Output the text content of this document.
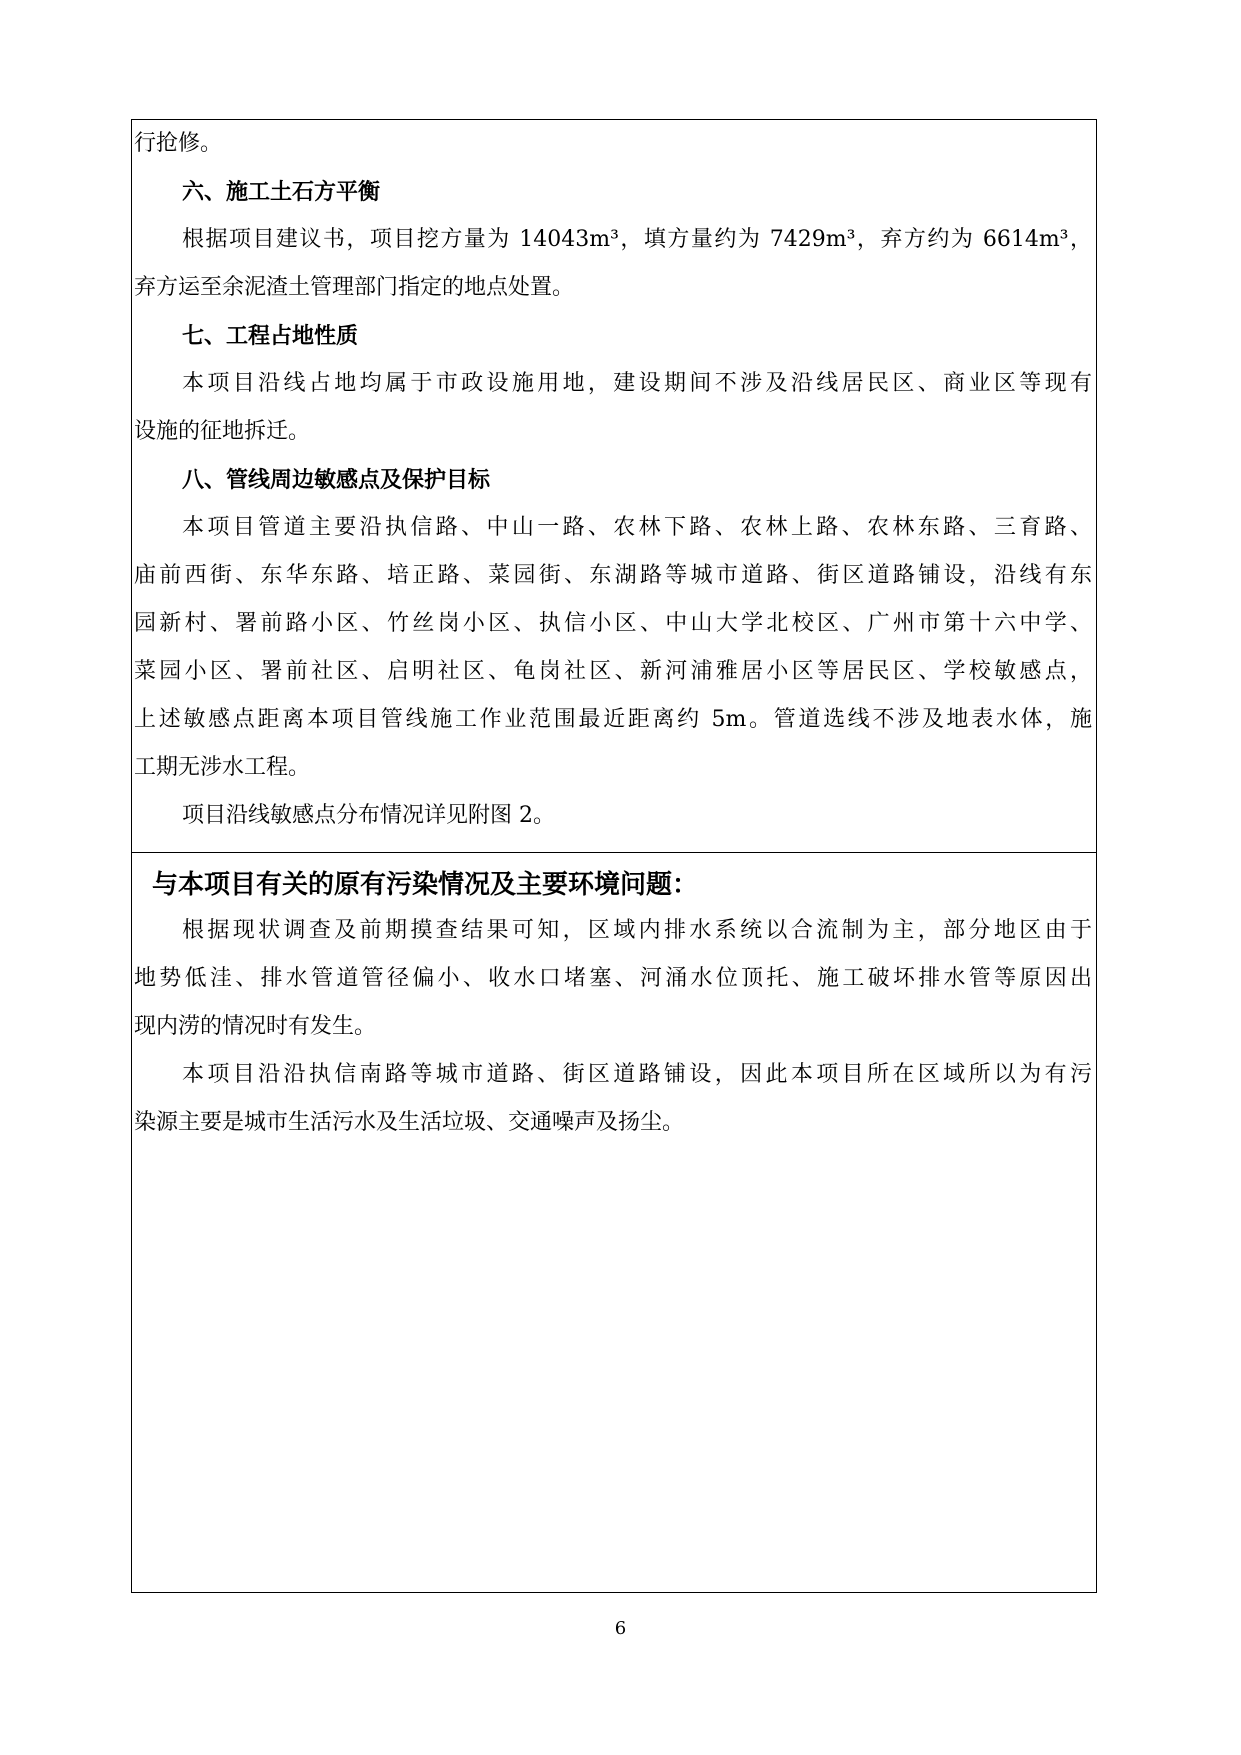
行抢修。
六、施工土石方平衡
根据项目建议书，项目挖方量为 14043m³，填方量约为 7429m³，弃方约为 6614m³，
弃方运至余泥渣土管理部门指定的地点处置。
七、工程占地性质
本项目沿线占地均属于市政设施用地，建设期间不涉及沿线居民区、商业区等现有
设施的征地拆迁。
八、管线周边敏感点及保护目标
本项目管道主要沿执信路、中山一路、农林下路、农林上路、农林东路、三育路、
庙前西街、东华东路、培正路、菜园街、东湖路等城市道路、街区道路铺设，沿线有东
园新村、署前路小区、竹丝岗小区、执信小区、中山大学北校区、广州市第十六中学、
菜园小区、署前社区、启明社区、龟岗社区、新河浦雅居小区等居民区、学校敏感点，
上述敏感点距离本项目管线施工作业范围最近距离约 5m。管道选线不涉及地表水体，施
工期无涉水工程。
项目沿线敏感点分布情况详见附图 2。
与本项目有关的原有污染情况及主要环境问题：
根据现状调查及前期摸查结果可知，区域内排水系统以合流制为主，部分地区由于
地势低洼、排水管道管径偏小、收水口堵塞、河涌水位顶托、施工破坏排水管等原因出
现内涝的情况时有发生。
本项目沿沿执信南路等城市道路、街区道路铺设，因此本项目所在区域所以为有污
染源主要是城市生活污水及生活垃圾、交通噪声及扬尘。
6
